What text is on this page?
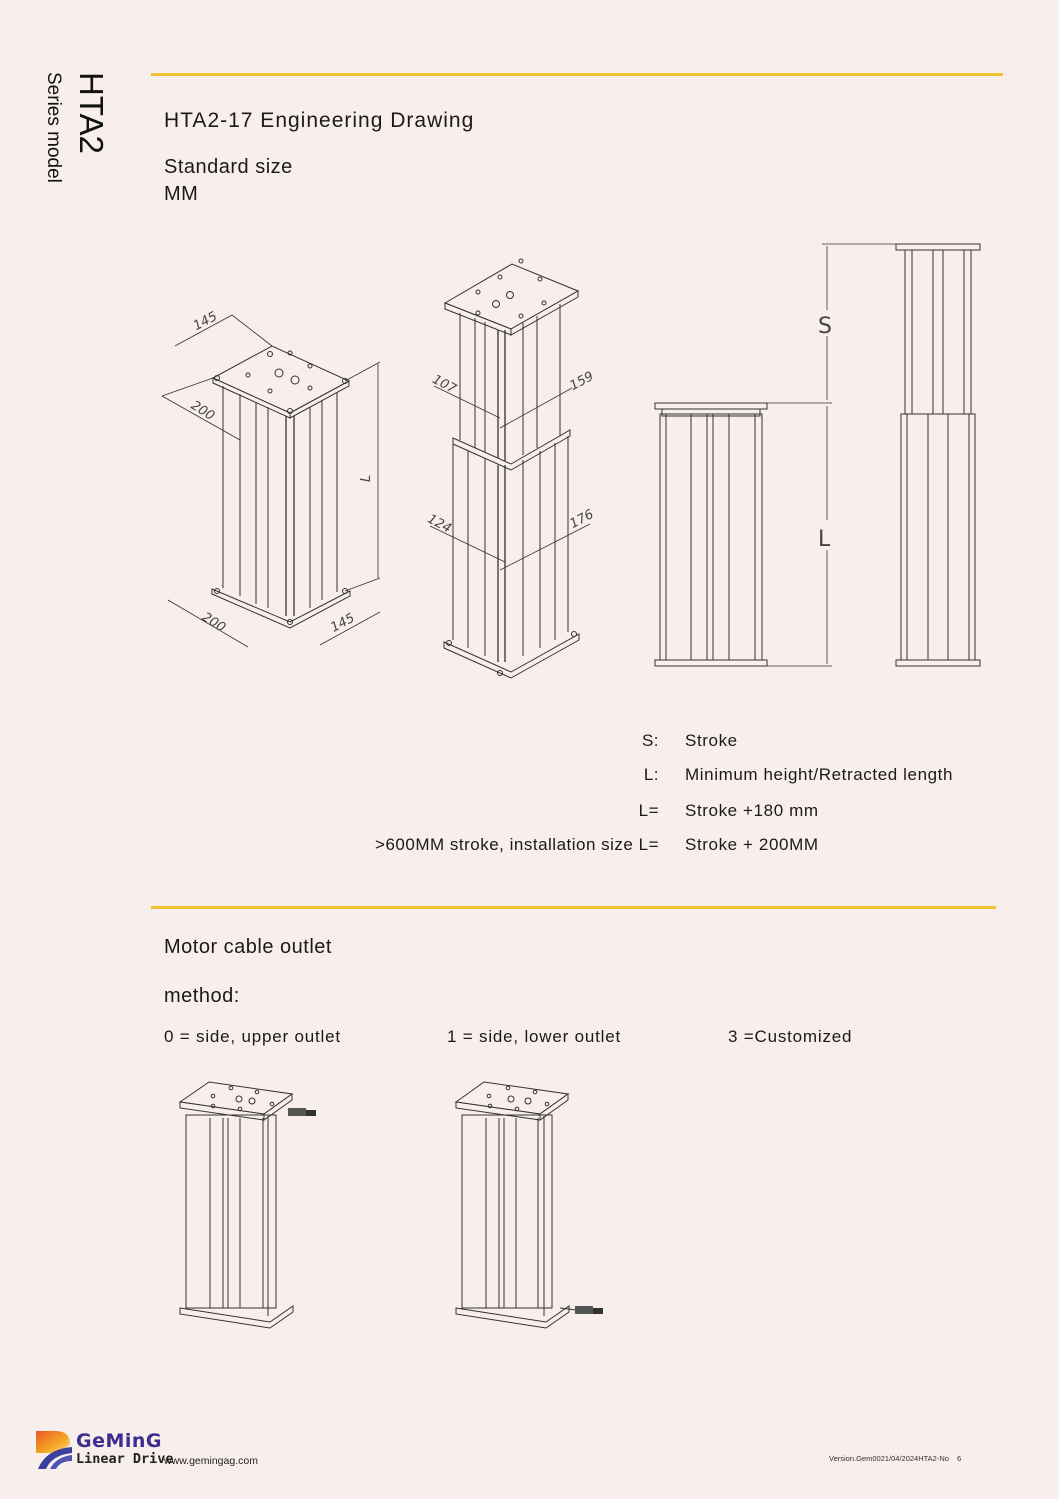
HTA2
Series model	HTA2-17 Engineering Drawing
Standard size
MM
145
200
L
200	145
107	159
124	176
S
L
S: Stroke
L: Minimum height/Retracted length
L= Stroke +180 mm
>600MM stroke, installation size L= Stroke + 200MM
Motor cable outlet
method:
0 = side, upper outlet	1 = side, lower outlet	3 =Customized
GeMinG
Linear Drive
www.gemingag.com	Version.Gem0021/04/2024HTA2-No 6
